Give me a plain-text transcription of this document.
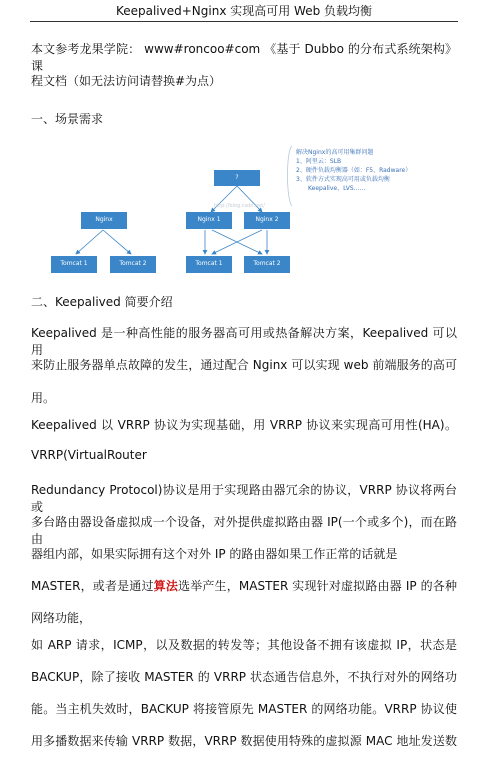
Keepalived+Nginx 实现高可用 Web 负载均衡
本文参考龙果学院： www#roncoo#com 《基于 Dubbo 的分布式系统架构》课
程文档（如无法访问请替换#为点）
一、场景需求
?
Nginx
Tomcat 1	Tomcat 2
Nginx 1	Nginx 2
Tomcat 1	Tomcat 2
http://blog.csdn.net/
解决Nginx的高可用集群问题
1、阿里云：SLB
2、硬件负载均衡器（如：F5、Radware）
3、软件方式实现高可用或负载均衡
Keepalive、LVS……
二、Keepalived 简要介绍
Keepalived 是一种高性能的服务器高可用或热备解决方案，Keepalived 可以用
来防止服务器单点故障的发生，通过配合 Nginx 可以实现 web 前端服务的高可
用。
Keepalived 以 VRRP 协议为实现基础，用 VRRP 协议来实现高可用性(HA)。
VRRP(VirtualRouter
Redundancy Protocol)协议是用于实现路由器冗余的协议，VRRP 协议将两台或
多台路由器设备虚拟成一个设备，对外提供虚拟路由器 IP(一个或多个)，而在路由
器组内部，如果实际拥有这个对外 IP 的路由器如果工作正常的话就是
MASTER，或者是通过算法选举产生，MASTER 实现针对虚拟路由器 IP 的各种
网络功能，
如 ARP 请求，ICMP，以及数据的转发等；其他设备不拥有该虚拟 IP，状态是
BACKUP，除了接收 MASTER 的 VRRP 状态通告信息外，不执行对外的网络功
能。当主机失效时，BACKUP 将接管原先 MASTER 的网络功能。VRRP 协议使
用多播数据来传输 VRRP 数据，VRRP 数据使用特殊的虚拟源 MAC 地址发送数
